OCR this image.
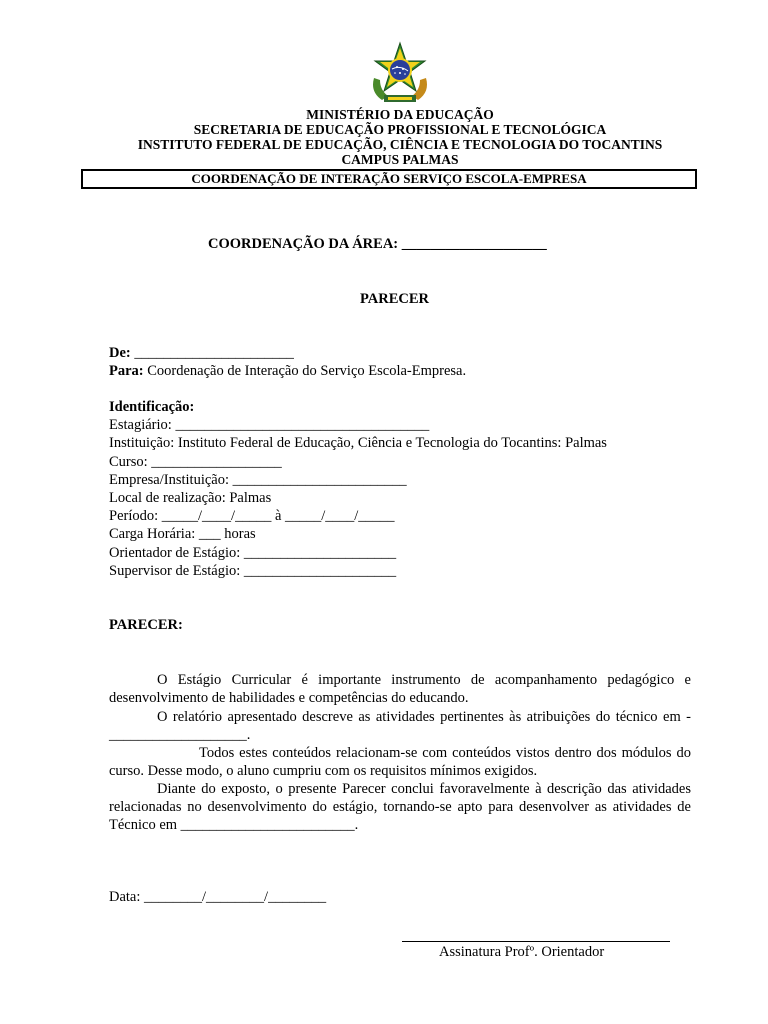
MINISTÉRIO DA EDUCAÇÃO
SECRETARIA DE EDUCAÇÃO PROFISSIONAL E TECNOLÓGICA
INSTITUTO FEDERAL DE EDUCAÇÃO, CIÊNCIA E TECNOLOGIA DO TOCANTINS
CAMPUS PALMAS
COORDENAÇÃO DE INTERAÇÃO SERVIÇO ESCOLA-EMPRESA
COORDENAÇÃO DA ÁREA: ____________________
PARECER
De: ______________________
Para: Coordenação de Interação do Serviço Escola-Empresa.
Identificação:
Estagiário: ___________________________________
Instituição: Instituto Federal de Educação, Ciência e Tecnologia do Tocantins: Palmas
Curso: __________________
Empresa/Instituição: ________________________
Local de realização: Palmas
Período: _____/____/_____ à _____/____/_____
Carga Horária: ___ horas
Orientador de Estágio: _____________________
Supervisor de Estágio: _____________________
PARECER:
O Estágio Curricular é importante instrumento de acompanhamento pedagógico e desenvolvimento de habilidades e competências do educando.
O relatório apresentado descreve as atividades pertinentes às atribuições do técnico em - ___________________.
Todos estes conteúdos relacionam-se com conteúdos vistos dentro dos módulos do curso. Desse modo, o aluno cumpriu com os requisitos mínimos exigidos.
Diante do exposto, o presente Parecer conclui favoravelmente à descrição das atividades relacionadas no desenvolvimento do estágio, tornando-se apto para desenvolver as atividades de Técnico em ________________________.
Data: ________/________/________
Assinatura Profº. Orientador
